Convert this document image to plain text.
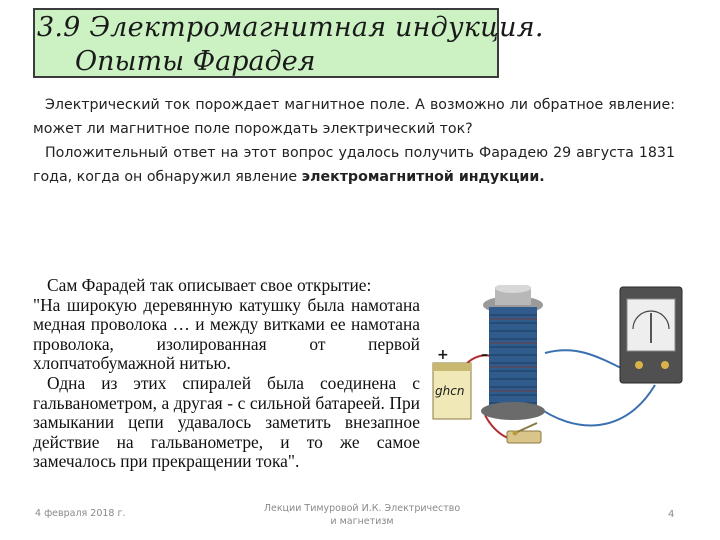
3.9 Электромагнитная индукция.
Опыты Фарадея

Электрический ток порождает магнитное поле. А возможно ли обратное явление: может ли магнитное поле порождать электрический ток?

Положительный ответ на этот вопрос удалось получить Фарадею 29 августа 1831 года, когда он обнаружил явление электромагнитной индукции.

Сам Фарадей так описывает свое открытие:

"На широкую деревянную катушку была намотана медная проволока … и между витками ее намотана проволока, изолированная от первой хлопчатобумажной нитью.

Одна из этих спиралей была соединена с гальванометром, а другая - с сильной батареей. При замыкании цепи удавалось заметить внезапное действие на гальванометре, и то же самое замечалось при прекращении тока".

ghcn
+ –
4 февраля 2018 г.	Лекции Тимуровой И.К. Электричество и магнетизм
4
